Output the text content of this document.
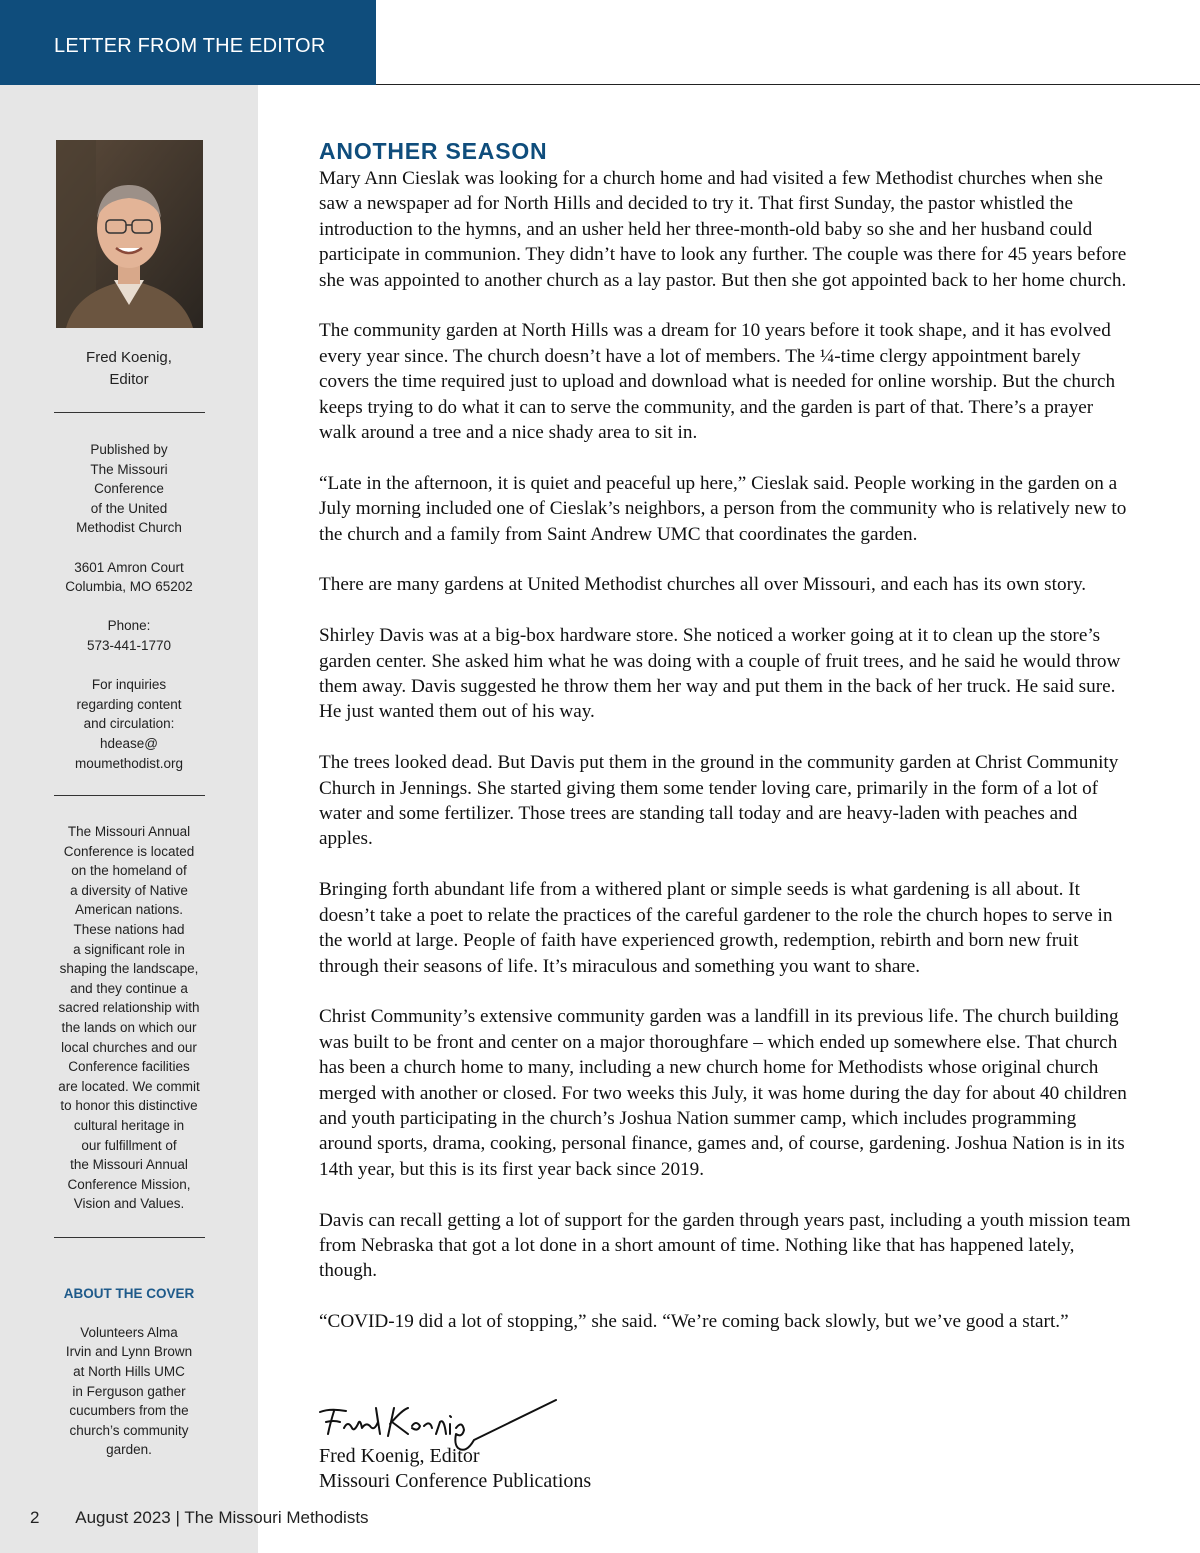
LETTER FROM THE EDITOR
Fred Koenig,
Editor

Published by
The Missouri
Conference
of the United
Methodist Church

3601 Amron Court
Columbia, MO 65202

Phone:
573-441-1770

For inquiries
regarding content
and circulation:
hdease@
moumethodist.org

The Missouri Annual
Conference is located
on the homeland of
a diversity of Native
American nations.
These nations had
a significant role in
shaping the landscape,
and they continue a
sacred relationship with
the lands on which our
local churches and our
Conference facilities
are located. We commit
to honor this distinctive
cultural heritage in
our fulfillment of
the Missouri Annual
Conference Mission,
Vision and Values.

ABOUT THE COVER

Volunteers Alma
Irvin and Lynn Brown
at North Hills UMC
in Ferguson gather
cucumbers from the
church’s community
garden.

ANOTHER SEASON

Mary Ann Cieslak was looking for a church home and had visited a few Methodist churches when she saw a newspaper ad for North Hills and decided to try it. That first Sunday, the pastor whistled the introduction to the hymns, and an usher held her three-month-old baby so she and her husband could participate in communion. They didn’t have to look any further. The couple was there for 45 years before she was appointed to another church as a lay pastor. But then she got appointed back to her home church.

The community garden at North Hills was a dream for 10 years before it took shape, and it has evolved every year since. The church doesn’t have a lot of members. The ¼-time clergy appointment barely covers the time required just to upload and download what is needed for online worship. But the church keeps trying to do what it can to serve the community, and the garden is part of that. There’s a prayer walk around a tree and a nice shady area to sit in.

“Late in the afternoon, it is quiet and peaceful up here,” Cieslak said. People working in the garden on a July morning included one of Cieslak’s neighbors, a person from the community who is relatively new to the church and a family from Saint Andrew UMC that coordinates the garden.

There are many gardens at United Methodist churches all over Missouri, and each has its own story.

Shirley Davis was at a big-box hardware store. She noticed a worker going at it to clean up the store’s garden center. She asked him what he was doing with a couple of fruit trees, and he said he would throw them away. Davis suggested he throw them her way and put them in the back of her truck. He said sure. He just wanted them out of his way.

The trees looked dead. But Davis put them in the ground in the community garden at Christ Community Church in Jennings. She started giving them some tender loving care, primarily in the form of a lot of water and some fertilizer. Those trees are standing tall today and are heavy-laden with peaches and apples.

Bringing forth abundant life from a withered plant or simple seeds is what gardening is all about. It doesn’t take a poet to relate the practices of the careful gardener to the role the church hopes to serve in the world at large. People of faith have experienced growth, redemption, rebirth and born new fruit through their seasons of life. It’s miraculous and something you want to share.

Christ Community’s extensive community garden was a landfill in its previous life. The church building was built to be front and center on a major thoroughfare – which ended up somewhere else. That church has been a church home to many, including a new church home for Methodists whose original church merged with another or closed. For two weeks this July, it was home during the day for about 40 children and youth participating in the church’s Joshua Nation summer camp, which includes programming around sports, drama, cooking, personal finance, games and, of course, gardening. Joshua Nation is in its 14th year, but this is its first year back since 2019.

Davis can recall getting a lot of support for the garden through years past, including a youth mission team from Nebraska that got a lot done in a short amount of time. Nothing like that has happened lately, though.

“COVID-19 did a lot of stopping,” she said. “We’re coming back slowly, but we’ve good a start.”

Fred Koenig, Editor
Missouri Conference Publications
2 August 2023 | The Missouri Methodists
